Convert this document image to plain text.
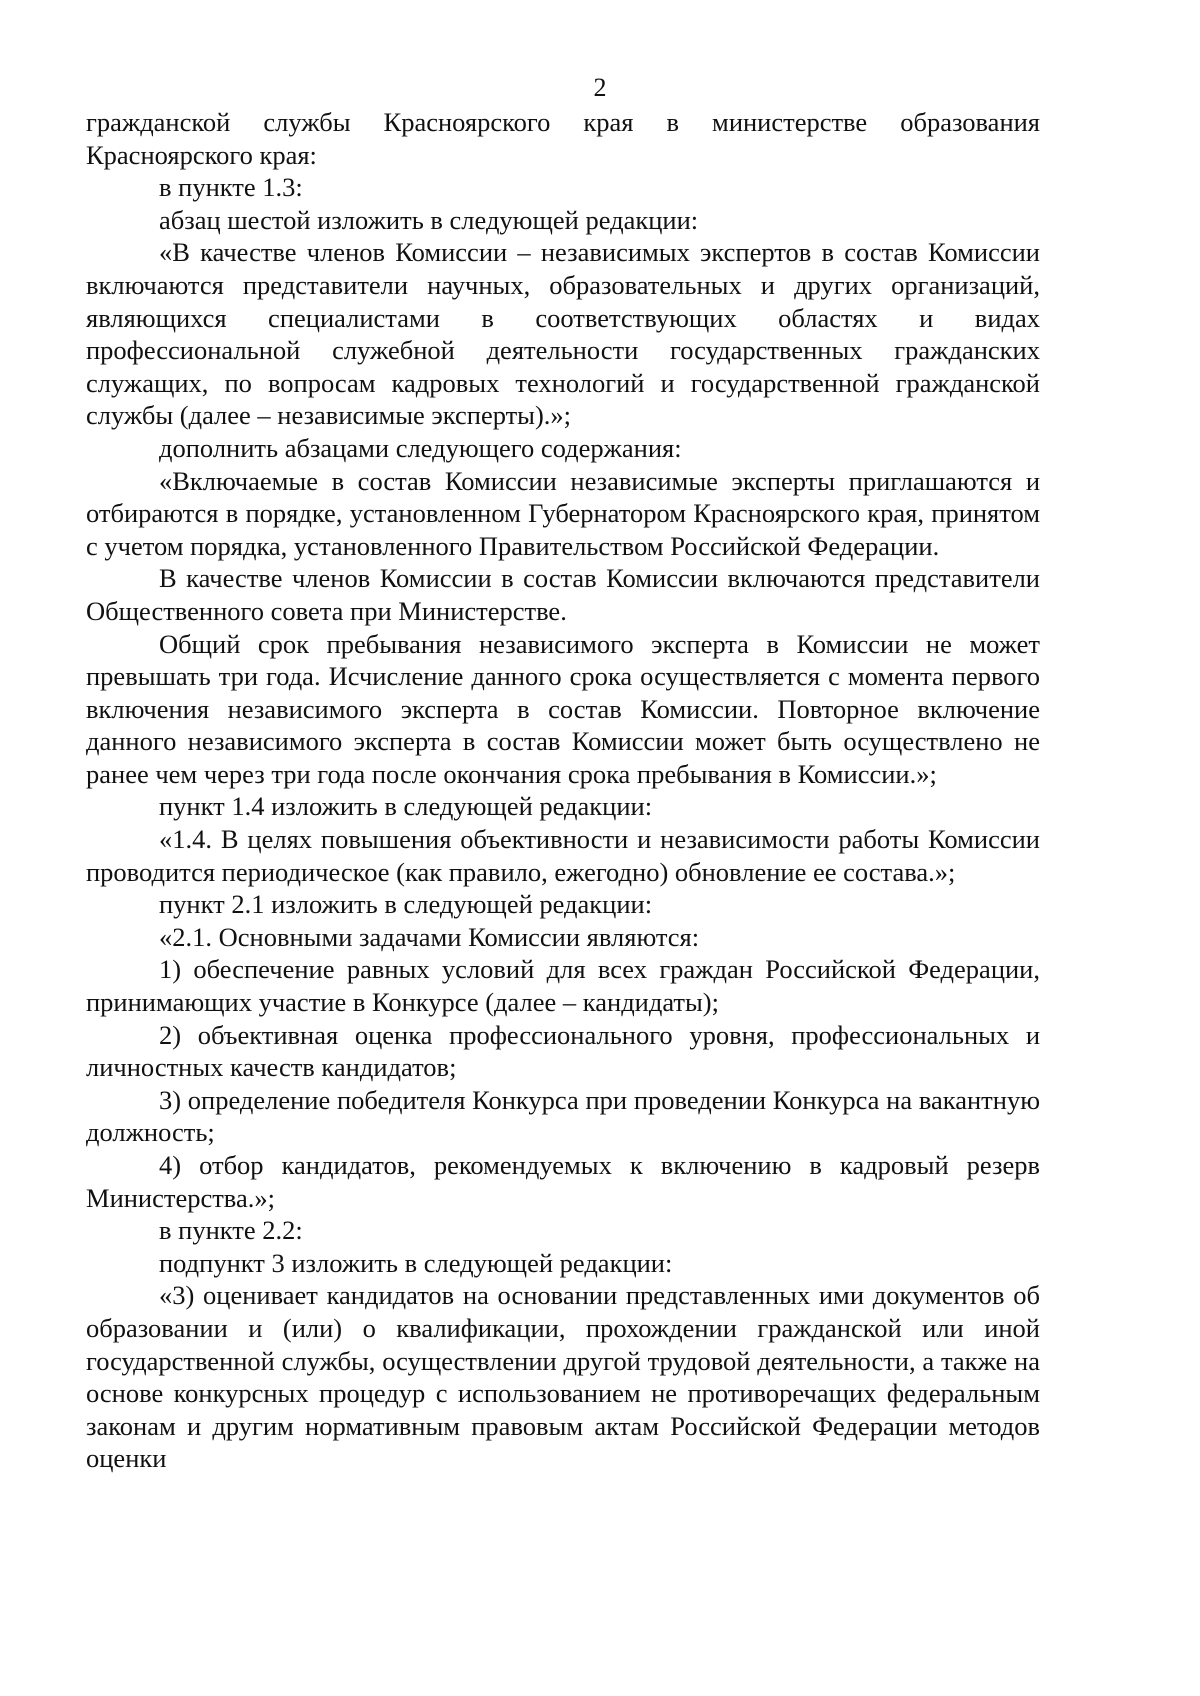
2

гражданской службы Красноярского края в министерстве образования Красноярского края:

в пункте 1.3:

абзац шестой изложить в следующей редакции:

«В качестве членов Комиссии – независимых экспертов в состав Комиссии включаются представители научных, образовательных и других организаций, являющихся специалистами в соответствующих областях и видах профессиональной служебной деятельности государственных гражданских служащих, по вопросам кадровых технологий и государственной гражданской службы (далее – независимые эксперты).»;

дополнить абзацами следующего содержания:

«Включаемые в состав Комиссии независимые эксперты приглашаются и отбираются в порядке, установленном Губернатором Красноярского края, принятом с учетом порядка, установленного Правительством Российской Федерации.

В качестве членов Комиссии в состав Комиссии включаются представители Общественного совета при Министерстве.

Общий срок пребывания независимого эксперта в Комиссии не может превышать три года. Исчисление данного срока осуществляется с момента первого включения независимого эксперта в состав Комиссии. Повторное включение данного независимого эксперта в состав Комиссии может быть осуществлено не ранее чем через три года после окончания срока пребывания в Комиссии.»;

пункт 1.4 изложить в следующей редакции:

«1.4. В целях повышения объективности и независимости работы Комиссии проводится периодическое (как правило, ежегодно) обновление ее состава.»;

пункт 2.1 изложить в следующей редакции:

«2.1. Основными задачами Комиссии являются:

1) обеспечение равных условий для всех граждан Российской Федерации, принимающих участие в Конкурсе (далее – кандидаты);

2) объективная оценка профессионального уровня, профессиональных и личностных качеств кандидатов;

3) определение победителя Конкурса при проведении Конкурса на вакантную должность;

4) отбор кандидатов, рекомендуемых к включению в кадровый резерв Министерства.»;

в пункте 2.2:

подпункт 3 изложить в следующей редакции:

«3) оценивает кандидатов на основании представленных ими документов об образовании и (или) о квалификации, прохождении гражданской или иной государственной службы, осуществлении другой трудовой деятельности, а также на основе конкурсных процедур с использованием не противоречащих федеральным законам и другим нормативным правовым актам Российской Федерации методов оценки
